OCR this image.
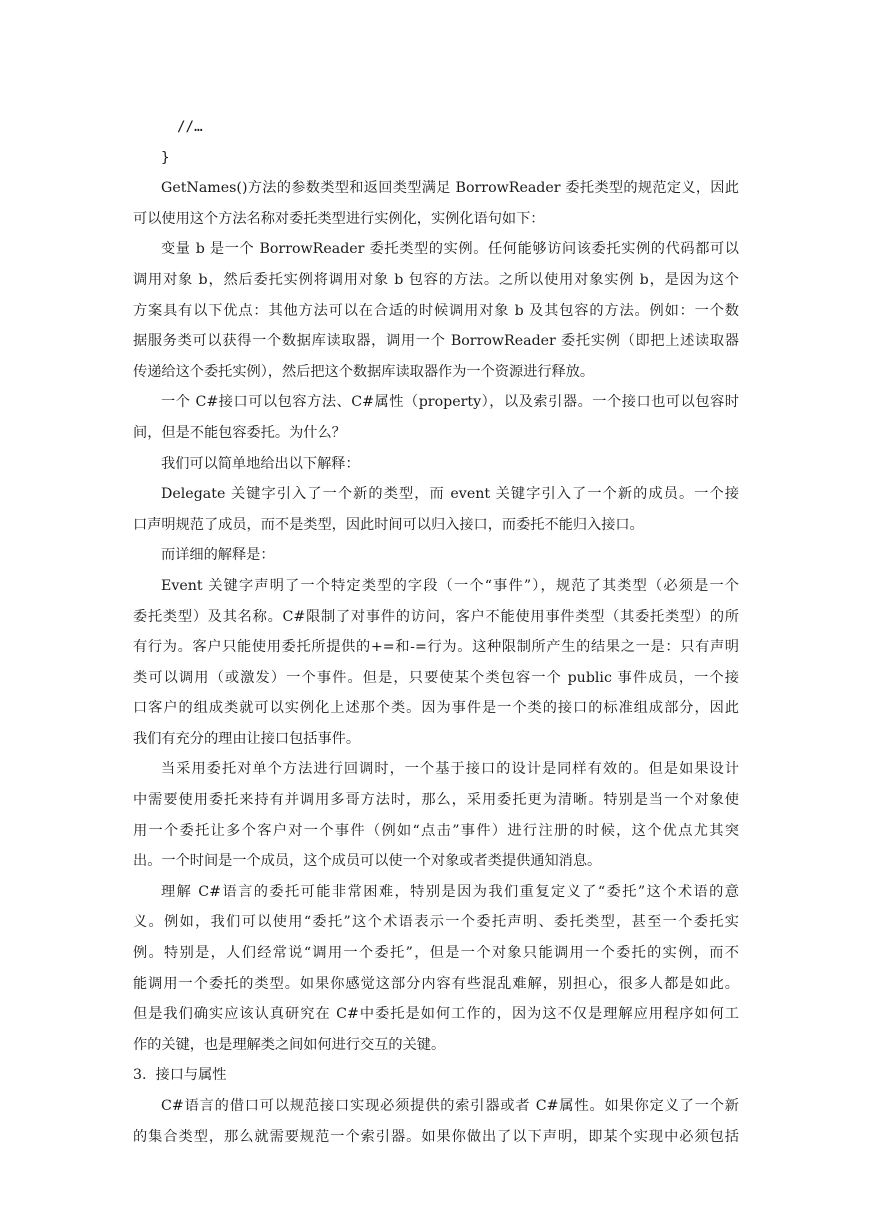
//…
}
GetNames()方法的参数类型和返回类型满足 BorrowReader 委托类型的规范定义，因此
可以使用这个方法名称对委托类型进行实例化，实例化语句如下：
变量 b 是一个 BorrowReader 委托类型的实例。任何能够访问该委托实例的代码都可以
调用对象 b，然后委托实例将调用对象 b 包容的方法。之所以使用对象实例 b，是因为这个
方案具有以下优点：其他方法可以在合适的时候调用对象 b 及其包容的方法。例如：一个数
据服务类可以获得一个数据库读取器，调用一个 BorrowReader 委托实例（即把上述读取器
传递给这个委托实例），然后把这个数据库读取器作为一个资源进行释放。
一个 C#接口可以包容方法、C#属性（property），以及索引器。一个接口也可以包容时
间，但是不能包容委托。为什么？
我们可以简单地给出以下解释：
Delegate 关键字引入了一个新的类型，而 event 关键字引入了一个新的成员。一个接
口声明规范了成员，而不是类型，因此时间可以归入接口，而委托不能归入接口。
而详细的解释是：
Event 关键字声明了一个特定类型的字段（一个“事件”），规范了其类型（必须是一个
委托类型）及其名称。C#限制了对事件的访问，客户不能使用事件类型（其委托类型）的所
有行为。客户只能使用委托所提供的+=和-=行为。这种限制所产生的结果之一是：只有声明
类可以调用（或激发）一个事件。但是，只要使某个类包容一个 public 事件成员，一个接
口客户的组成类就可以实例化上述那个类。因为事件是一个类的接口的标准组成部分，因此
我们有充分的理由让接口包括事件。
当采用委托对单个方法进行回调时，一个基于接口的设计是同样有效的。但是如果设计
中需要使用委托来持有并调用多哥方法时，那么，采用委托更为清晰。特别是当一个对象使
用一个委托让多个客户对一个事件（例如“点击”事件）进行注册的时候，这个优点尤其突
出。一个时间是一个成员，这个成员可以使一个对象或者类提供通知消息。
理解 C#语言的委托可能非常困难，特别是因为我们重复定义了“委托”这个术语的意
义。例如，我们可以使用“委托”这个术语表示一个委托声明、委托类型，甚至一个委托实
例。特别是，人们经常说“调用一个委托”，但是一个对象只能调用一个委托的实例，而不
能调用一个委托的类型。如果你感觉这部分内容有些混乱难解，别担心，很多人都是如此。
但是我们确实应该认真研究在 C#中委托是如何工作的，因为这不仅是理解应用程序如何工
作的关键，也是理解类之间如何进行交互的关键。
3.  接口与属性
C#语言的借口可以规范接口实现必须提供的索引器或者 C#属性。如果你定义了一个新
的集合类型，那么就需要规范一个索引器。如果你做出了以下声明，即某个实现中必须包括
